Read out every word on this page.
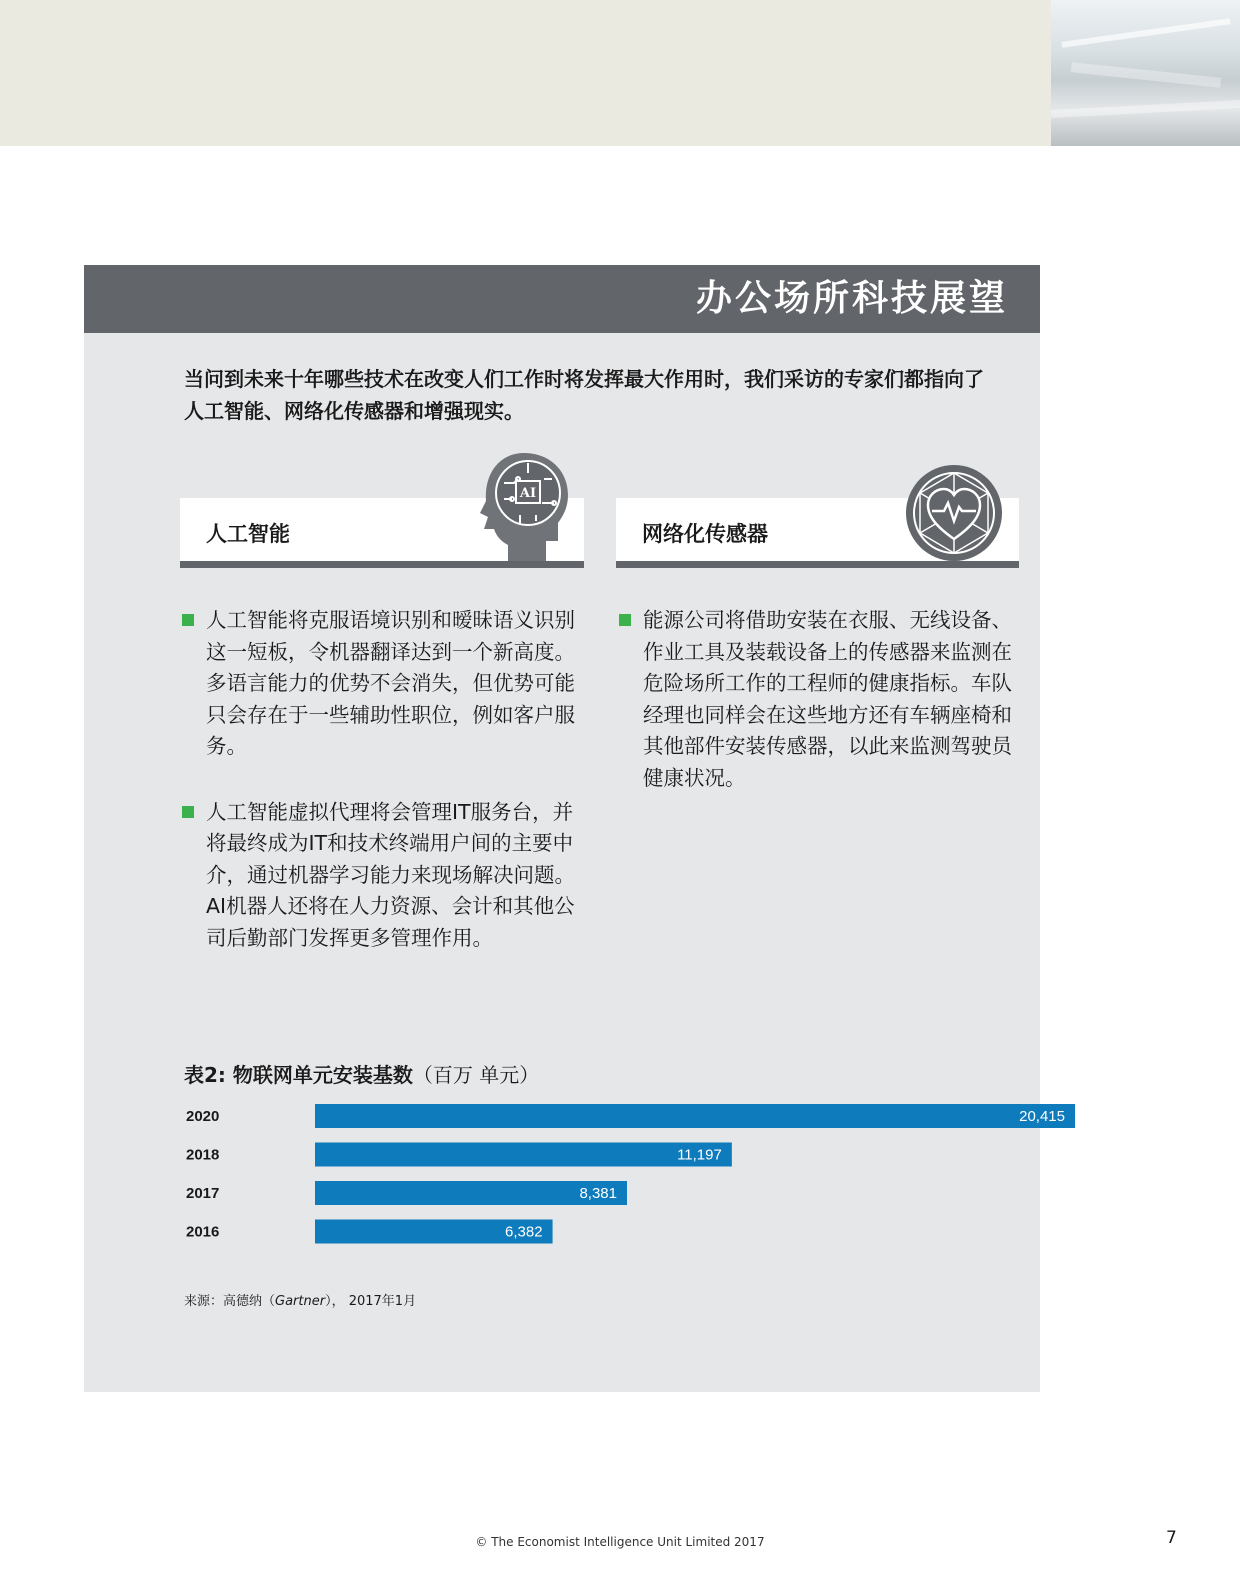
办公场所科技展望
当问到未来十年哪些技术在改变人们工作时将发挥最大作用时，我们采访的专家们都指向了人工智能、网络化传感器和增强现实。
人工智能
AI
网络化传感器
人工智能将克服语境识别和暧昧语义识别这一短板，令机器翻译达到一个新高度。多语言能力的优势不会消失，但优势可能只会存在于一些辅助性职位，例如客户服务。
人工智能虚拟代理将会管理IT服务台，并将最终成为IT和技术终端用户间的主要中介，通过机器学习能力来现场解决问题。AI机器人还将在人力资源、会计和其他公司后勤部门发挥更多管理作用。
能源公司将借助安装在衣服、无线设备、作业工具及装载设备上的传感器来监测在危险场所工作的工程师的健康指标。车队经理也同样会在这些地方还有车辆座椅和其他部件安装传感器，以此来监测驾驶员健康状况。
表2: 物联网单元安装基数（百万 单元）
2020	20,415
2018	11,197
2017	8,381
2016	6,382
来源：高德纳（Gartner）， 2017年1月
© The Economist Intelligence Unit Limited 2017	7
